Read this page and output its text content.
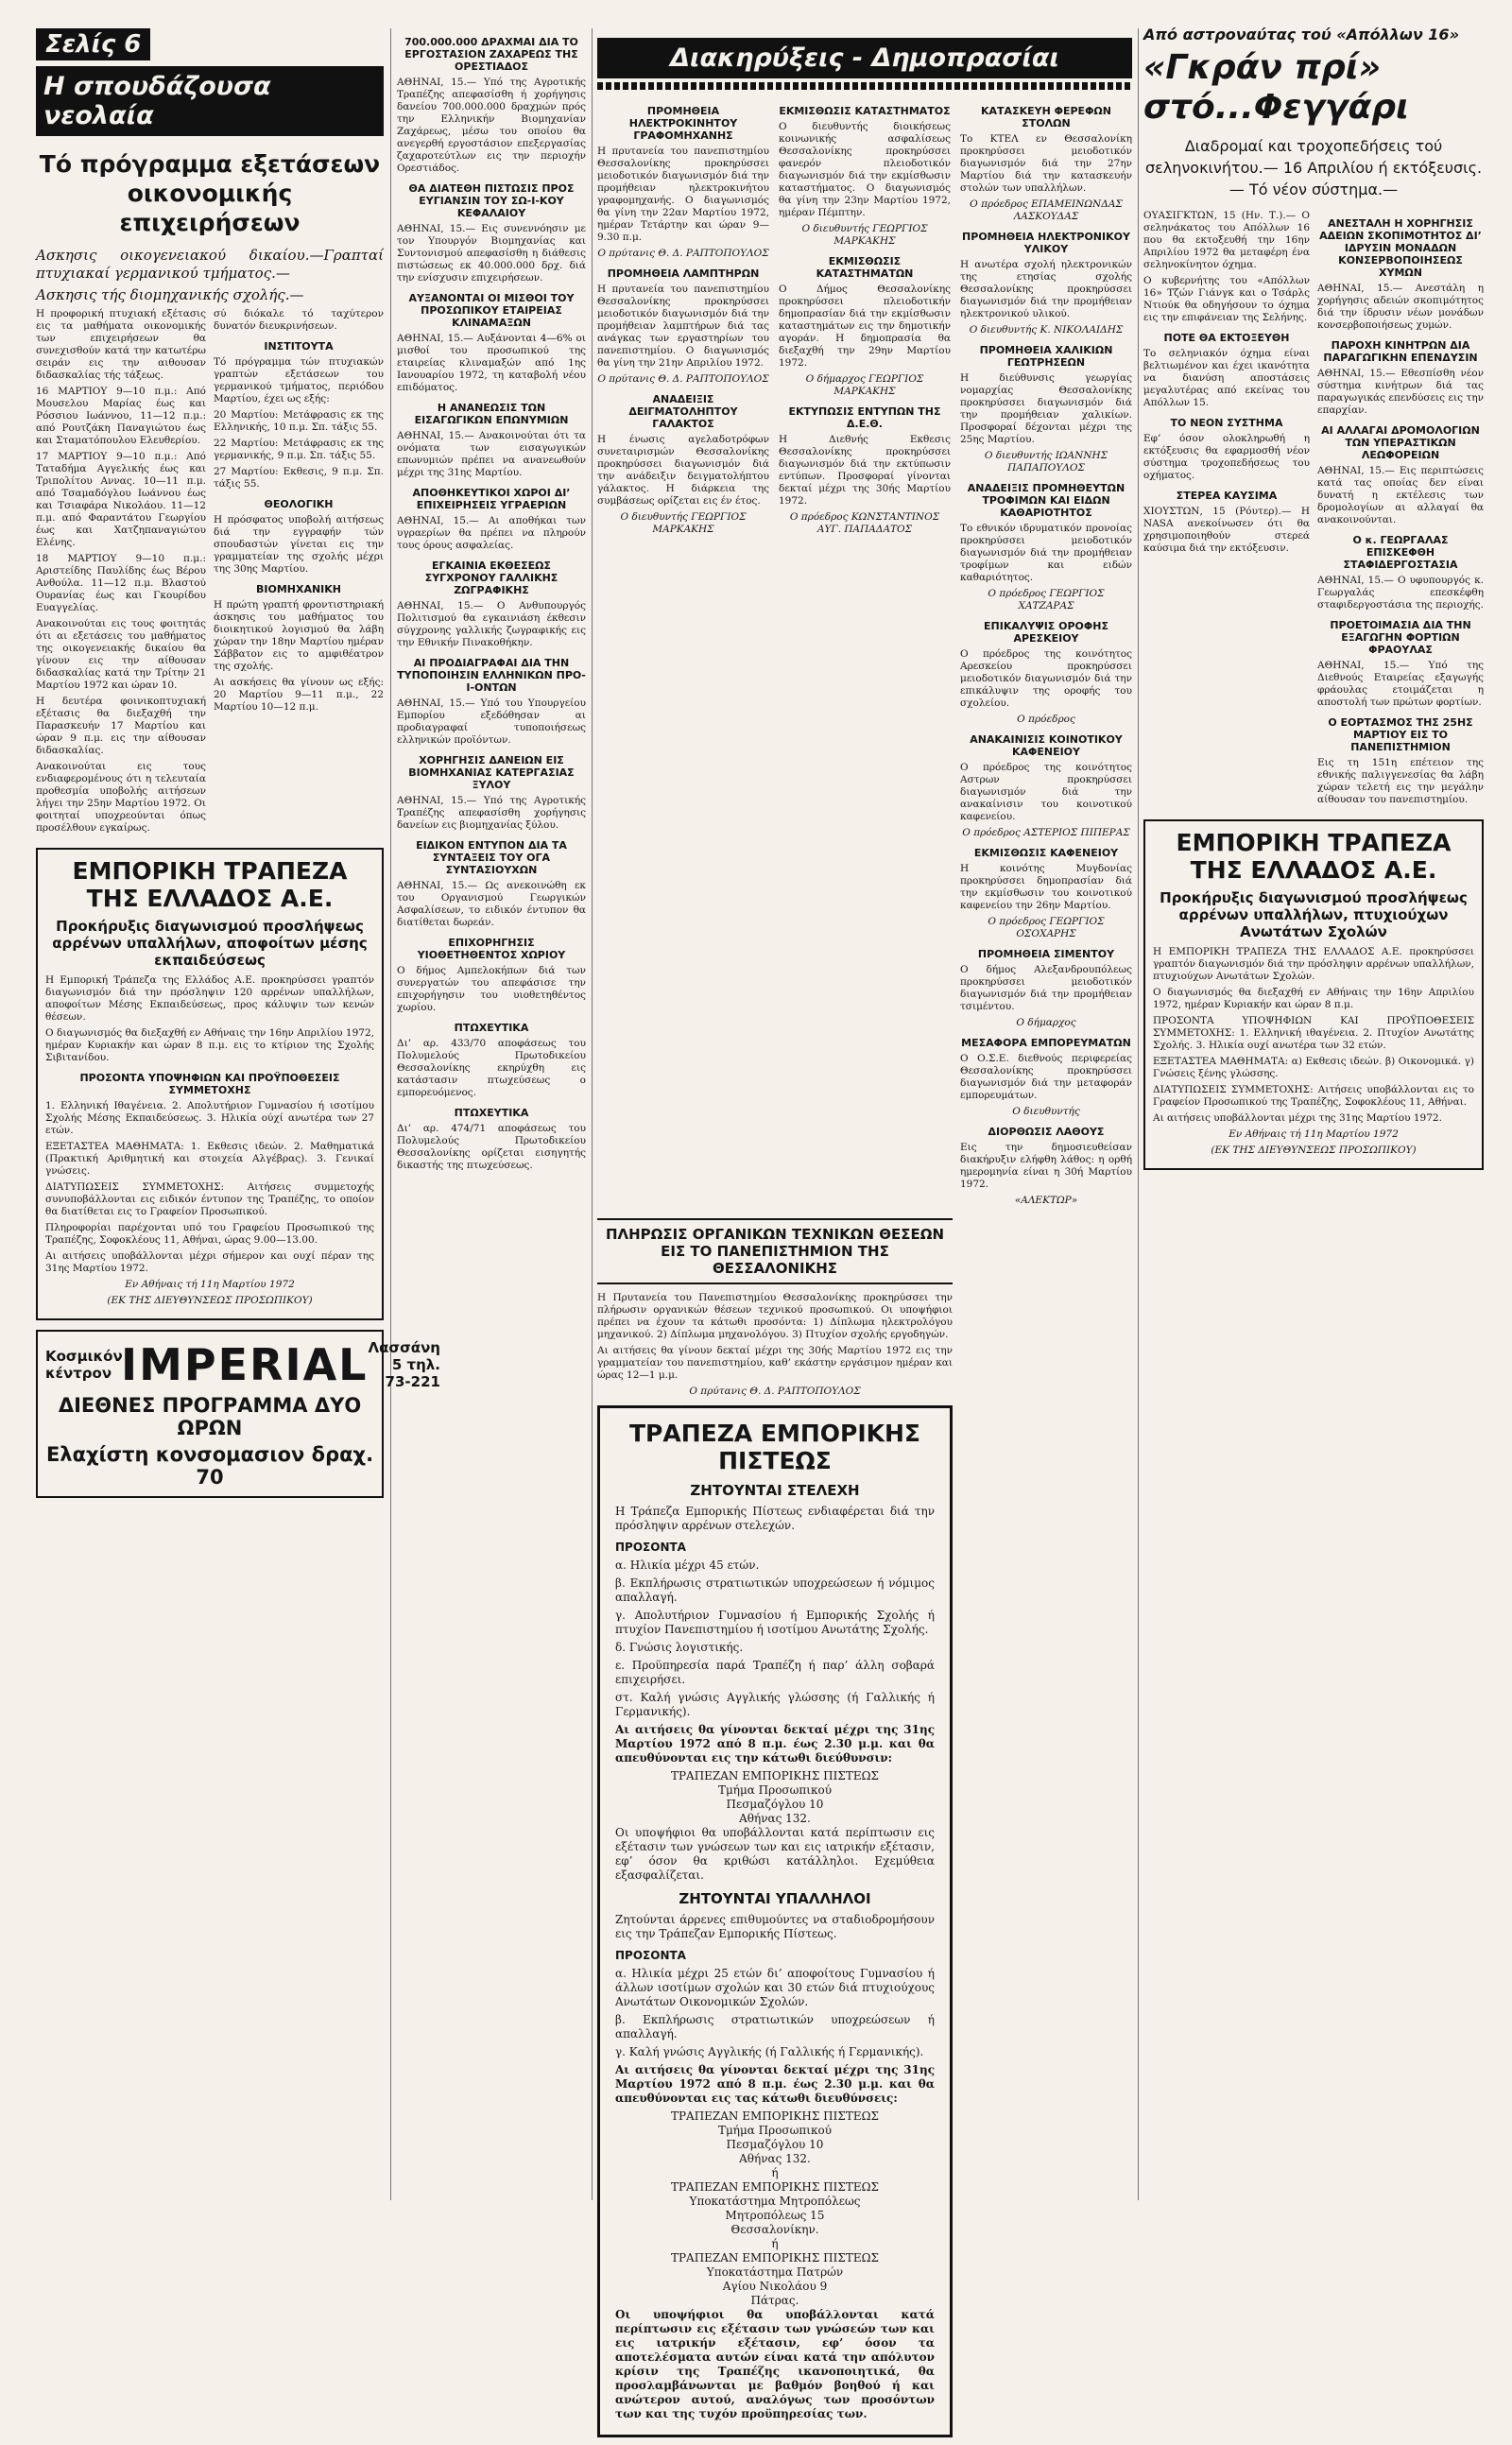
Σελίς 6
Η σπουδάζουσα νεολαία
Τό πρόγραμμα εξετάσεων οικονομικής επιχειρήσεων

Ασκησις οικογενειακού δικαίου.—Γραπταί πτυχιακαί γερμανικού τμήματος.—

Ασκησις τής διομηχανικής σχολής.—

Η προφορική πτυχιακή εξέτασις εις τα μαθήματα οικονομικής των επιχειρήσεων θα συνεχισθούν κατά την κατωτέρω σειράν εις την αιθουσαν διδασκαλίας τής τάξεως.

16 ΜΑΡΤΙΟΥ 9—10 π.μ.: Από Μουσελου Μαρίας έως και Ρόσσιου Ιωάννου, 11—12 π.μ.: από Ρουτζάκη Παναγιώτου έως και Σταματόπουλου Ελευθερίου.

17 ΜΑΡΤΙΟΥ 9—10 π.μ.: Από Ταταδήμα Αγγελικής έως και Τριπολίτου Αννας. 10—11 π.μ. από Τσαμαδόγλου Ιωάννου έως και Τσιαφάρα Νικολάου. 11—12 π.μ. από Φαραντάτου Γεωργίου έως και Χατζηπαναγιώτου Ελένης.

18 ΜΑΡΤΙΟΥ 9—10 π.μ.: Αριστείδης Παυλίδης έως Βέρου Ανθούλα. 11—12 π.μ. Βλαστού Ουρανίας έως και Γκουρίδου Ευαγγελίας.

Ανακοινούται εις τους φοιτητάς ότι αι εξετάσεις του μαθήματος της οικογενειακής δικαίου θα γίνουν εις την αίθουσαν διδασκαλίας κατά την Τρίτην 21 Μαρτίου 1972 και ώραν 10.

Η δευτέρα φοινικοπτυχιακή εξέτασις θα διεξαχθή την Παρασκευήν 17 Μαρτίου και ώραν 9 π.μ. εις την αίθουσαν διδασκαλίας.

Ανακοινούται εις τους ενδιαφερομένους ότι η τελευταία προθεσμία υποβολής αιτήσεων λήγει την 25ην Μαρτίου 1972. Οι φοιτηταί υποχρεούνται όπως προσέλθουν εγκαίρως.

σύ διόκαλε τό ταχύτερον δυνατόν διευκρινήσεων.

ΙΝΣΤΙΤΟΥΤΑ

Τό πρόγραμμα τών πτυχιακών γραπτών εξετάσεων του γερμανικού τμήματος, περιόδου Μαρτίου, έχει ως εξής:

20 Μαρτίου: Μετάφρασις εκ της Ελληνικής, 10 π.μ. Σπ. τάξις 55.

22 Μαρτίου: Μετάφρασις εκ της γερμανικής, 9 π.μ. Σπ. τάξις 55.

27 Μαρτίου: Εκθεσις, 9 π.μ. Σπ. τάξις 55.

ΘΕΟΛΟΓΙΚΗ

Η πρόσφατος υποβολή αιτήσεως διά την εγγραφήν τών σπουδαστών γίνεται εις την γραμματείαν της σχολής μέχρι της 30ης Μαρτίου.

ΒΙΟΜΗΧΑΝΙΚΗ

Η πρώτη γραπτή φροντιστηριακή άσκησις του μαθήματος του διοικητικού λογισμού θα λάβη χώραν την 18ην Μαρτίου ημέραν Σάββατον εις το αμφιθέατρον της σχολής.

Αι ασκήσεις θα γίνουν ως εξής: 20 Μαρτίου 9—11 π.μ., 22 Μαρτίου 10—12 π.μ.

ΕΜΠΟΡΙΚΗ ΤΡΑΠΕΖΑ ΤΗΣ ΕΛΛΑΔΟΣ Α.Ε.
Προκήρυξις διαγωνισμού προσλήψεως αρρένων υπαλλήλων, αποφοίτων μέσης εκπαιδεύσεως

Η Εμπορική Τράπεζα της Ελλάδος Α.Ε. προκηρύσσει γραπτόν διαγωνισμόν διά την πρόσληψιν 120 αρρένων υπαλλήλων, αποφοίτων Μέσης Εκπαιδεύσεως, προς κάλυψιν των κενών θέσεων.

Ο διαγωνισμός θα διεξαχθή εν Αθήναις την 16ην Απριλίου 1972, ημέραν Κυριακήν και ώραν 8 π.μ. εις το κτίριον της Σχολής Σιβιτανίδου.

ΠΡΟΣΟΝΤΑ ΥΠΟΨΗΦΙΩΝ ΚΑΙ ΠΡΟΫΠΟΘΕΣΕΙΣ ΣΥΜΜΕΤΟΧΗΣ

1. Ελληνική Ιθαγένεια. 2. Απολυτήριον Γυμνασίου ή ισοτίμου Σχολής Μέσης Εκπαιδεύσεως. 3. Ηλικία ούχί ανωτέρα των 27 ετών.

ΕΞΕΤΑΣΤΕΑ ΜΑΘΗΜΑΤΑ: 1. Εκθεσις ιδεών. 2. Μαθηματικά (Πρακτική Αριθμητική και στοιχεία Αλγέβρας). 3. Γενικαί γνώσεις.

ΔΙΑΤΥΠΩΣΕΙΣ ΣΥΜΜΕΤΟΧΗΣ: Αιτήσεις συμμετοχής συνυποβάλλονται εις ειδικόν έντυπον της Τραπέζης, το οποίον θα διατίθεται εις το Γραφείον Προσωπικού.

Πληροφορίαι παρέχονται υπό του Γραφείου Προσωπικού της Τραπέζης, Σοφοκλέους 11, Αθήναι, ώρας 9.00—13.00.

Αι αιτήσεις υποβάλλονται μέχρι σήμερον και ουχί πέραν της 31ης Μαρτίου 1972.

Εν Αθήναις τή 11η Μαρτίου 1972

(ΕΚ ΤΗΣ ΔΙΕΥΘΥΝΣΕΩΣ ΠΡΟΣΩΠΙΚΟΥ)

Κοσμικόν κέντρον IMPERIAL Λασσάνη 5 τηλ. 73-221
ΔΙΕΘΝΕΣ ΠΡΟΓΡΑΜΜΑ ΔΥΟ ΩΡΩΝ
Ελαχίστη κονσομασιον δραχ. 70
700.000.000 ΔΡΑΧΜΑΙ ΔΙΑ ΤΟ ΕΡΓΟΣΤΑΣΙΟΝ ΖΑΧΑΡΕΩΣ ΤΗΣ ΟΡΕΣΤΙΑΔΟΣ

ΑΘΗΝΑΙ, 15.— Υπό της Αγροτικής Τραπέζης απεφασίσθη ή χορήγησις δανείου 700.000.000 δραχμών πρός την Ελληνικήν Βιομηχανίαν Ζαχάρεως, μέσω του οποίου θα ανεγερθή εργοστάσιον επεξεργασίας ζαχαροτεύτλων εις την περιοχήν Ορεστιάδος.

ΘΑ ΔΙΑΤΕΘΗ ΠΙΣΤΩΣΙΣ ΠΡΟΣ ΕΥΓΙΑΝΣΙΝ ΤΟΥ ΣΩ-Ι-ΚΟΥ ΚΕΦΑΛΑΙΟΥ

ΑΘΗΝΑΙ, 15.— Εις συνεννόησιν με τον Υπουργόν Βιομηχανίας και Συντονισμού απεφασίσθη η διάθεσις πιστώσεως εκ 40.000.000 δρχ. διά την ενίσχυσιν επιχειρήσεων.

ΑΥΞΑΝΟΝΤΑΙ ΟΙ ΜΙΣΘΟΙ ΤΟΥ ΠΡΟΣΩΠΙΚΟΥ ΕΤΑΙΡΕΙΑΣ ΚΛΙΝΑΜΑΞΩΝ

ΑΘΗΝΑΙ, 15.— Αυξάνονται 4—6% οι μισθοί του προσωπικού της εταιρείας κλιναμαξών από 1ης Ιανουαρίου 1972, τη καταβολή νέου επιδόματος.

Η ΑΝΑΝΕΩΣΙΣ ΤΩΝ ΕΙΣΑΓΩΓΙΚΩΝ ΕΠΩΝΥΜΙΩΝ

ΑΘΗΝΑΙ, 15.— Ανακοινούται ότι τα ονόματα των εισαγωγικών επωνυμιών πρέπει να ανανεωθούν μέχρι της 31ης Μαρτίου.

ΑΠΟΘΗΚΕΥΤΙΚΟΙ ΧΩΡΟΙ ΔΙ’ ΕΠΙΧΕΙΡΗΣΕΙΣ ΥΓΡΑΕΡΙΩΝ

ΑΘΗΝΑΙ, 15.— Αι αποθήκαι των υγραερίων θα πρέπει να πληρούν τους όρους ασφαλείας.

ΕΓΚΑΙΝΙΑ ΕΚΘΕΣΕΩΣ ΣΥΓΧΡΟΝΟΥ ΓΑΛΛΙΚΗΣ ΖΩΓΡΑΦΙΚΗΣ

ΑΘΗΝΑΙ, 15.— Ο Ανθυπουργός Πολιτισμού θα εγκαινιάση έκθεσιν σύγχρονης γαλλικής ζωγραφικής εις την Εθνικήν Πινακοθήκην.

ΑΙ ΠΡΟΔΙΑΓΡΑΦΑΙ ΔΙΑ ΤΗΝ ΤΥΠΟΠΟΙΗΣΙΝ ΕΛΛΗΝΙΚΩΝ ΠΡΟ-Ι-ΟΝΤΩΝ

ΑΘΗΝΑΙ, 15.— Υπό του Υπουργείου Εμπορίου εξεδόθησαν αι προδιαγραφαί τυποποιήσεως ελληνικών προϊόντων.

ΧΟΡΗΓΗΣΙΣ ΔΑΝΕΙΩΝ ΕΙΣ ΒΙΟΜΗΧΑΝΙΑΣ ΚΑΤΕΡΓΑΣΙΑΣ ΞΥΛΟΥ

ΑΘΗΝΑΙ, 15.— Υπό της Αγροτικής Τραπέζης απεφασίσθη χορήγησις δανείων εις βιομηχανίας ξύλου.

ΕΙΔΙΚΟΝ ΕΝΤΥΠΟΝ ΔΙΑ ΤΑ ΣΥΝΤΑΞΕΙΣ ΤΟΥ ΟΓΑ ΣΥΝΤΑΣΙΟΥΧΩΝ

ΑΘΗΝΑΙ, 15.— Ως ανεκοινώθη εκ του Οργανισμού Γεωργικών Ασφαλίσεων, το ειδικόν έντυπον θα διατίθεται δωρεάν.

ΕΠΙΧΟΡΗΓΗΣΙΣ ΥΙΟΘΕΤΗΘΕΝΤΟΣ ΧΩΡΙΟΥ

Ο δήμος Αμπελοκήπων διά των συνεργατών του απεφάσισε την επιχορήγησιν του υιοθετηθέντος χωρίου.

ΠΤΩΧΕΥΤΙΚΑ

Δι’ αρ. 433/70 αποφάσεως του Πολυμελούς Πρωτοδικείου Θεσσαλονίκης εκηρύχθη εις κατάστασιν πτωχεύσεως ο εμπορευόμενος.

ΠΤΩΧΕΥΤΙΚΑ

Δι’ αρ. 474/71 αποφάσεως του Πολυμελούς Πρωτοδικείου Θεσσαλονίκης ορίζεται εισηγητής δικαστής της πτωχεύσεως.

Διακηρύξεις - Δημοπρασίαι
ΠΡΟΜΗΘΕΙΑ ΗΛΕΚΤΡΟΚΙΝΗΤΟΥ ΓΡΑΦΟΜΗΧΑΝΗΣ

Η πρυτανεία του πανεπιστημίου Θεσσαλονίκης προκηρύσσει μειοδοτικόν διαγωνισμόν διά την προμήθειαν ηλεκτροκινήτου γραφομηχανής. Ο διαγωνισμός θα γίνη την 22αν Μαρτίου 1972, ημέραν Τετάρτην και ώραν 9—9.30 π.μ.

Ο πρύτανις Θ. Δ. ΡΑΠΤΟΠΟΥΛΟΣ

ΠΡΟΜΗΘΕΙΑ ΛΑΜΠΤΗΡΩΝ

Η πρυτανεία του πανεπιστημίου Θεσσαλονίκης προκηρύσσει μειοδοτικόν διαγωνισμόν διά την προμήθειαν λαμπτήρων διά τας ανάγκας των εργαστηρίων του πανεπιστημίου. Ο διαγωνισμός θα γίνη την 21ην Απριλίου 1972.

Ο πρύτανις Θ. Δ. ΡΑΠΤΟΠΟΥΛΟΣ

ΑΝΑΔΕΙΞΙΣ ΔΕΙΓΜΑΤΟΛΗΠΤΟΥ ΓΑΛΑΚΤΟΣ

Η ένωσις αγελαδοτρόφων συνεταιρισμών Θεσσαλονίκης προκηρύσσει διαγωνισμόν διά την ανάδειξιν δειγματολήπτου γάλακτος. Η διάρκεια της συμβάσεως ορίζεται εις έν έτος.

Ο διευθυντής ΓΕΩΡΓΙΟΣ ΜΑΡΚΑΚΗΣ

ΕΚΜΙΣΘΩΣΙΣ ΚΑΤΑΣΤΗΜΑΤΟΣ

Ο διευθυντής διοικήσεως κοινωνικής ασφαλίσεως Θεσσαλονίκης προκηρύσσει φανερόν πλειοδοτικόν διαγωνισμόν διά την εκμίσθωσιν καταστήματος. Ο διαγωνισμός θα γίνη την 23ην Μαρτίου 1972, ημέραν Πέμπτην.

Ο διευθυντής ΓΕΩΡΓΙΟΣ ΜΑΡΚΑΚΗΣ

ΕΚΜΙΣΘΩΣΙΣ ΚΑΤΑΣΤΗΜΑΤΩΝ

Ο Δήμος Θεσσαλονίκης προκηρύσσει πλειοδοτικήν δημοπρασίαν διά την εκμίσθωσιν καταστημάτων εις την δημοτικήν αγοράν. Η δημοπρασία θα διεξαχθή την 29ην Μαρτίου 1972.

Ο δήμαρχος ΓΕΩΡΓΙΟΣ ΜΑΡΚΑΚΗΣ

ΕΚΤΥΠΩΣΙΣ ΕΝΤΥΠΩΝ ΤΗΣ Δ.Ε.Θ.

Η Διεθνής Εκθεσις Θεσσαλονίκης προκηρύσσει διαγωνισμόν διά την εκτύπωσιν εντύπων. Προσφοραί γίνονται δεκταί μέχρι της 30ής Μαρτίου 1972.

Ο πρόεδρος ΚΩΝΣΤΑΝΤΙΝΟΣ ΑΥΓ. ΠΑΠΑΔΑΤΟΣ

ΚΑΤΑΣΚΕΥΗ ΦΕΡΕΦΩΝ ΣΤΟΛΩΝ

Το ΚΤΕΛ εν Θεσσαλονίκη προκηρύσσει μειοδοτικόν διαγωνισμόν διά την 27ην Μαρτίου διά την κατασκευήν στολών των υπαλλήλων.

Ο πρόεδρος ΕΠΑΜΕΙΝΩΝΔΑΣ ΛΑΣΚΟΥΔΑΣ

ΠΡΟΜΗΘΕΙΑ ΗΛΕΚΤΡΟΝΙΚΟΥ ΥΛΙΚΟΥ

Η ανωτέρα σχολή ηλεκτρονικών της ετησίας σχολής Θεσσαλονίκης προκηρύσσει διαγωνισμόν διά την προμήθειαν ηλεκτρονικού υλικού.

Ο διευθυντής Κ. ΝΙΚΟΛΑΙΔΗΣ

ΠΡΟΜΗΘΕΙΑ ΧΑΛΙΚΙΩΝ ΓΕΩΤΡΗΣΕΩΝ

Η διεύθυνσις γεωργίας νομαρχίας Θεσσαλονίκης προκηρύσσει διαγωνισμόν διά την προμήθειαν χαλικίων. Προσφοραί δέχονται μέχρι της 25ης Μαρτίου.

Ο διευθυντής ΙΩΑΝΝΗΣ ΠΑΠΑΠΟΥΛΟΣ

ΑΝΑΔΕΙΞΙΣ ΠΡΟΜΗΘΕΥΤΩΝ ΤΡΟΦΙΜΩΝ ΚΑΙ ΕΙΔΩΝ ΚΑΘΑΡΙΟΤΗΤΟΣ

Το εθνικόν ιδρυματικόν προνοίας προκηρύσσει μειοδοτικόν διαγωνισμόν διά την προμήθειαν τροφίμων και ειδών καθαριότητος.

Ο πρόεδρος ΓΕΩΡΓΙΟΣ ΧΑΤΖΑΡΑΣ

ΕΠΙΚΑΛΥΨΙΣ ΟΡΟΦΗΣ ΑΡΕΣΚΕΙΟΥ

Ο πρόεδρος της κοινότητος Αρεσκείου προκηρύσσει μειοδοτικόν διαγωνισμόν διά την επικάλυψιν της οροφής του σχολείου.

Ο πρόεδρος

ΑΝΑΚΑΙΝΙΣΙΣ ΚΟΙΝΟΤΙΚΟΥ ΚΑΦΕΝΕΙΟΥ

Ο πρόεδρος της κοινότητος Αστρων προκηρύσσει διαγωνισμόν διά την ανακαίνισιν του κοινοτικού καφενείου.

Ο πρόεδρος ΑΣΤΕΡΙΟΣ ΠΙΠΕΡΑΣ

ΕΚΜΙΣΘΩΣΙΣ ΚΑΦΕΝΕΙΟΥ

Η κοινότης Μυγδονίας προκηρύσσει δημοπρασίαν διά την εκμίσθωσιν του κοινοτικού καφενείου την 26ην Μαρτίου.

Ο πρόεδρος ΓΕΩΡΓΙΟΣ ΟΣΟΧΑΡΗΣ

ΠΡΟΜΗΘΕΙΑ ΣΙΜΕΝΤΟΥ

Ο δήμος Αλεξανδρουπόλεως προκηρύσσει μειοδοτικόν διαγωνισμόν διά την προμήθειαν τσιμέντου.

Ο δήμαρχος

ΜΕΣΑΦΟΡΑ ΕΜΠΟΡΕΥΜΑΤΩΝ

Ο Ο.Σ.Ε. διεθνούς περιφερείας Θεσσαλονίκης προκηρύσσει διαγωνισμόν διά την μεταφοράν εμπορευμάτων.

Ο διευθυντής

ΔΙΟΡΘΩΣΙΣ ΛΑΘΟΥΣ

Εις την δημοσιευθείσαν διακήρυξιν ελήφθη λάθος: η ορθή ημερομηνία είναι η 30ή Μαρτίου 1972.

«ΑΛΕΚΤΩΡ»

ΠΛΗΡΩΣΙΣ ΟΡΓΑΝΙΚΩΝ ΤΕΧΝΙΚΩΝ ΘΕΣΕΩΝ ΕΙΣ ΤΟ ΠΑΝΕΠΙΣΤΗΜΙΟΝ ΤΗΣ ΘΕΣΣΑΛΟΝΙΚΗΣ

Η Πρυτανεία του Πανεπιστημίου Θεσσαλονίκης προκηρύσσει την πλήρωσιν οργανικών θέσεων τεχνικού προσωπικού. Οι υποψήφιοι πρέπει να έχουν τα κάτωθι προσόντα: 1) Δίπλωμα ηλεκτρολόγου μηχανικού. 2) Δίπλωμα μηχανολόγου. 3) Πτυχίον σχολής εργοδηγών.

Αι αιτήσεις θα γίνουν δεκταί μέχρι της 30ής Μαρτίου 1972 εις την γραμματείαν του πανεπιστημίου, καθ’ εκάστην εργάσιμον ημέραν και ώρας 12—1 μ.μ.

Ο πρύτανις Θ. Δ. ΡΑΠΤΟΠΟΥΛΟΣ

ΤΡΑΠΕΖΑ ΕΜΠΟΡΙΚΗΣ ΠΙΣΤΕΩΣ
ΖΗΤΟΥΝΤΑΙ ΣΤΕΛΕΧΗ

Η Τράπεζα Εμπορικής Πίστεως ενδιαφέρεται διά την πρόσληψιν αρρένων στελεχών.

ΠΡΟΣΟΝΤΑ

α. Ηλικία μέχρι 45 ετών.

β. Εκπλήρωσις στρατιωτικών υποχρεώσεων ή νόμιμος απαλλαγή.

γ. Απολυτήριον Γυμνασίου ή Εμπορικής Σχολής ή πτυχίον Πανεπιστημίου ή ισοτίμου Ανωτάτης Σχολής.

δ. Γνώσις λογιστικής.

ε. Προϋπηρεσία παρά Τραπέζη ή παρ’ άλλη σοβαρά επιχειρήσει.

στ. Καλή γνώσις Αγγλικής γλώσσης (ή Γαλλικής ή Γερμανικής).

Αι αιτήσεις θα γίνονται δεκταί μέχρι της 31ης Μαρτίου 1972 από 8 π.μ. έως 2.30 μ.μ. και θα απευθύνονται εις την κάτωθι διεύθυνσιν:

ΤΡΑΠΕΖΑΝ ΕΜΠΟΡΙΚΗΣ ΠΙΣΤΕΩΣ

Τμήμα Προσωπικού

Πεσμαζόγλου 10

Αθήνας 132.

Οι υποψήφιοι θα υποβάλλονται κατά περίπτωσιν εις εξέτασιν των γνώσεων των και εις ιατρικήν εξέτασιν, εφ’ όσον θα κριθώσι κατάλληλοι. Εχεμύθεια εξασφαλίζεται.

ΖΗΤΟΥΝΤΑΙ ΥΠΑΛΛΗΛΟΙ

Ζητούνται άρρενες επιθυμούντες να σταδιοδρομήσουν εις την Τράπεζαν Εμπορικής Πίστεως.

ΠΡΟΣΟΝΤΑ

α. Ηλικία μέχρι 25 ετών δι’ αποφοίτους Γυμνασίου ή άλλων ισοτίμων σχολών και 30 ετών διά πτυχιούχους Ανωτάτων Οικονομικών Σχολών.

β. Εκπλήρωσις στρατιωτικών υποχρεώσεων ή απαλλαγή.

γ. Καλή γνώσις Αγγλικής (ή Γαλλικής ή Γερμανικής).

Αι αιτήσεις θα γίνονται δεκταί μέχρι της 31ης Μαρτίου 1972 από 8 π.μ. έως 2.30 μ.μ. και θα απευθύνονται εις τας κάτωθι διευθύνσεις:

ΤΡΑΠΕΖΑΝ ΕΜΠΟΡΙΚΗΣ ΠΙΣΤΕΩΣ

Τμήμα Προσωπικού

Πεσμαζόγλου 10

Αθήνας 132.

ή

ΤΡΑΠΕΖΑΝ ΕΜΠΟΡΙΚΗΣ ΠΙΣΤΕΩΣ

Υποκατάστημα Μητροπόλεως

Μητροπόλεως 15

Θεσσαλονίκην.

ή

ΤΡΑΠΕΖΑΝ ΕΜΠΟΡΙΚΗΣ ΠΙΣΤΕΩΣ

Υποκατάστημα Πατρών

Αγίου Νικολάου 9

Πάτρας.

Οι υποψήφιοι θα υποβάλλονται κατά περίπτωσιν εις εξέτασιν των γνώσεών των και εις ιατρικήν εξέτασιν, εφ’ όσον τα αποτελέσματα αυτών είναι κατά την απόλυτον κρίσιν της Τραπέζης ικανοποιητικά, θα προσλαμβάνωνται με βαθμόν βοηθού ή και ανώτερον αυτού, αναλόγως των προσόντων των και της τυχόν προϋπηρεσίας των.

Από αστροναύτας τού «Απόλλων 16»

«Γκράν πρί» στό...Φεγγάρι
Διαδρομαί και τροχοπεδήσεις τού σεληνοκινήτου.— 16 Απριλίου ή εκτόξευσις.— Τό νέον σύστημα.—

ΟΥΑΣΙΓΚΤΩΝ, 15 (Ην. Τ.).— Ο σεληνάκατος του Απόλλων 16 που θα εκτοξευθή την 16ην Απριλίου 1972 θα μεταφέρη ένα σεληνοκίνητον όχημα.

Ο κυβερνήτης του «Απόλλων 16» Τζών Γιάνγκ και ο Τσάρλς Ντιούκ θα οδηγήσουν το όχημα εις την επιφάνειαν της Σελήνης.

ΠΟΤΕ ΘΑ ΕΚΤΟΞΕΥΘΗ

Το σεληνιακόν όχημα είναι βελτιωμένον και έχει ικανότητα να διανύση αποστάσεις μεγαλυτέρας από εκείνας του Απόλλων 15.

ΤΟ ΝΕΟΝ ΣΥΣΤΗΜΑ

Εφ’ όσον ολοκληρωθή η εκτόξευσις θα εφαρμοσθή νέον σύστημα τροχοπεδήσεως του οχήματος.

ΣΤΕΡΕΑ ΚΑΥΣΙΜΑ

ΧΙΟΥΣΤΩΝ, 15 (Ρόυτερ).— Η NASA ανεκοίνωσεν ότι θα χρησιμοποιηθούν στερεά καύσιμα διά την εκτόξευσιν.

ΑΝΕΣΤΑΛΗ Η ΧΟΡΗΓΗΣΙΣ ΑΔΕΙΩΝ ΣΚΟΠΙΜΟΤΗΤΟΣ ΔΙ’ ΙΔΡΥΣΙΝ ΜΟΝΑΔΩΝ ΚΟΝΣΕΡΒΟΠΟΙΗΣΕΩΣ ΧΥΜΩΝ

ΑΘΗΝΑΙ, 15.— Ανεστάλη η χορήγησις αδειών σκοπιμότητος διά την ίδρυσιν νέων μονάδων κονσερβοποιήσεως χυμών.

ΠΑΡΟΧΗ ΚΙΝΗΤΡΩΝ ΔΙΑ ΠΑΡΑΓΩΓΙΚΗΝ ΕΠΕΝΔΥΣΙΝ

ΑΘΗΝΑΙ, 15.— Εθεσπίσθη νέον σύστημα κινήτρων διά τας παραγωγικάς επενδύσεις εις την επαρχίαν.

ΑΙ ΑΛΛΑΓΑΙ ΔΡΟΜΟΛΟΓΙΩΝ ΤΩΝ ΥΠΕΡΑΣΤΙΚΩΝ ΛΕΩΦΟΡΕΙΩΝ

ΑΘΗΝΑΙ, 15.— Εις περιπτώσεις κατά τας οποίας δεν είναι δυνατή η εκτέλεσις των δρομολογίων αι αλλαγαί θα ανακοινούνται.

Ο κ. ΓΕΩΡΓΑΛΑΣ ΕΠΙΣΚΕΦΘΗ ΣΤΑΦΙΔΕΡΓΟΣΤΑΣΙΑ

ΑΘΗΝΑΙ, 15.— Ο υφυπουργός κ. Γεωργαλάς επεσκέφθη σταφιδεργοστάσια της περιοχής.

ΠΡΟΕΤΟΙΜΑΣΙΑ ΔΙΑ ΤΗΝ ΕΞΑΓΩΓΗΝ ΦΟΡΤΙΩΝ ΦΡΑΟΥΛΑΣ

ΑΘΗΝΑΙ, 15.— Υπό της Διεθνούς Εταιρείας εξαγωγής φράουλας ετοιμάζεται η αποστολή των πρώτων φορτίων.

Ο ΕΟΡΤΑΣΜΟΣ ΤΗΣ 25ΗΣ ΜΑΡΤΙΟΥ ΕΙΣ ΤΟ ΠΑΝΕΠΙΣΤΗΜΙΟΝ

Εις τη 151η επέτειον της εθνικής παλιγγενεσίας θα λάβη χώραν τελετή εις την μεγάλην αίθουσαν του πανεπιστημίου.

ΕΜΠΟΡΙΚΗ ΤΡΑΠΕΖΑ ΤΗΣ ΕΛΛΑΔΟΣ Α.Ε.
Προκήρυξις διαγωνισμού προσλήψεως αρρένων υπαλλήλων, πτυχιούχων Ανωτάτων Σχολών

Η ΕΜΠΟΡΙΚΗ ΤΡΑΠΕΖΑ ΤΗΣ ΕΛΛΑΔΟΣ Α.Ε. προκηρύσσει γραπτόν διαγωνισμόν διά την πρόσληψιν αρρένων υπαλλήλων, πτυχιούχων Ανωτάτων Σχολών.

Ο διαγωνισμός θα διεξαχθή εν Αθήναις την 16ην Απριλίου 1972, ημέραν Κυριακήν και ώραν 8 π.μ.

ΠΡΟΣΟΝΤΑ ΥΠΟΨΗΦΙΩΝ ΚΑΙ ΠΡΟΫΠΟΘΕΣΕΙΣ ΣΥΜΜΕΤΟΧΗΣ: 1. Ελληνική ιθαγένεια. 2. Πτυχίον Ανωτάτης Σχολής. 3. Ηλικία ουχί ανωτέρα των 32 ετών.

ΕΞΕΤΑΣΤΕΑ ΜΑΘΗΜΑΤΑ: α) Εκθεσις ιδεών. β) Οικονομικά. γ) Γνώσεις ξένης γλώσσης.

ΔΙΑΤΥΠΩΣΕΙΣ ΣΥΜΜΕΤΟΧΗΣ: Αιτήσεις υποβάλλονται εις το Γραφείον Προσωπικού της Τραπέζης, Σοφοκλέους 11, Αθήναι.

Αι αιτήσεις υποβάλλονται μέχρι της 31ης Μαρτίου 1972.

Εν Αθήναις τή 11η Μαρτίου 1972

(ΕΚ ΤΗΣ ΔΙΕΥΘΥΝΣΕΩΣ ΠΡΟΣΩΠΙΚΟΥ)
